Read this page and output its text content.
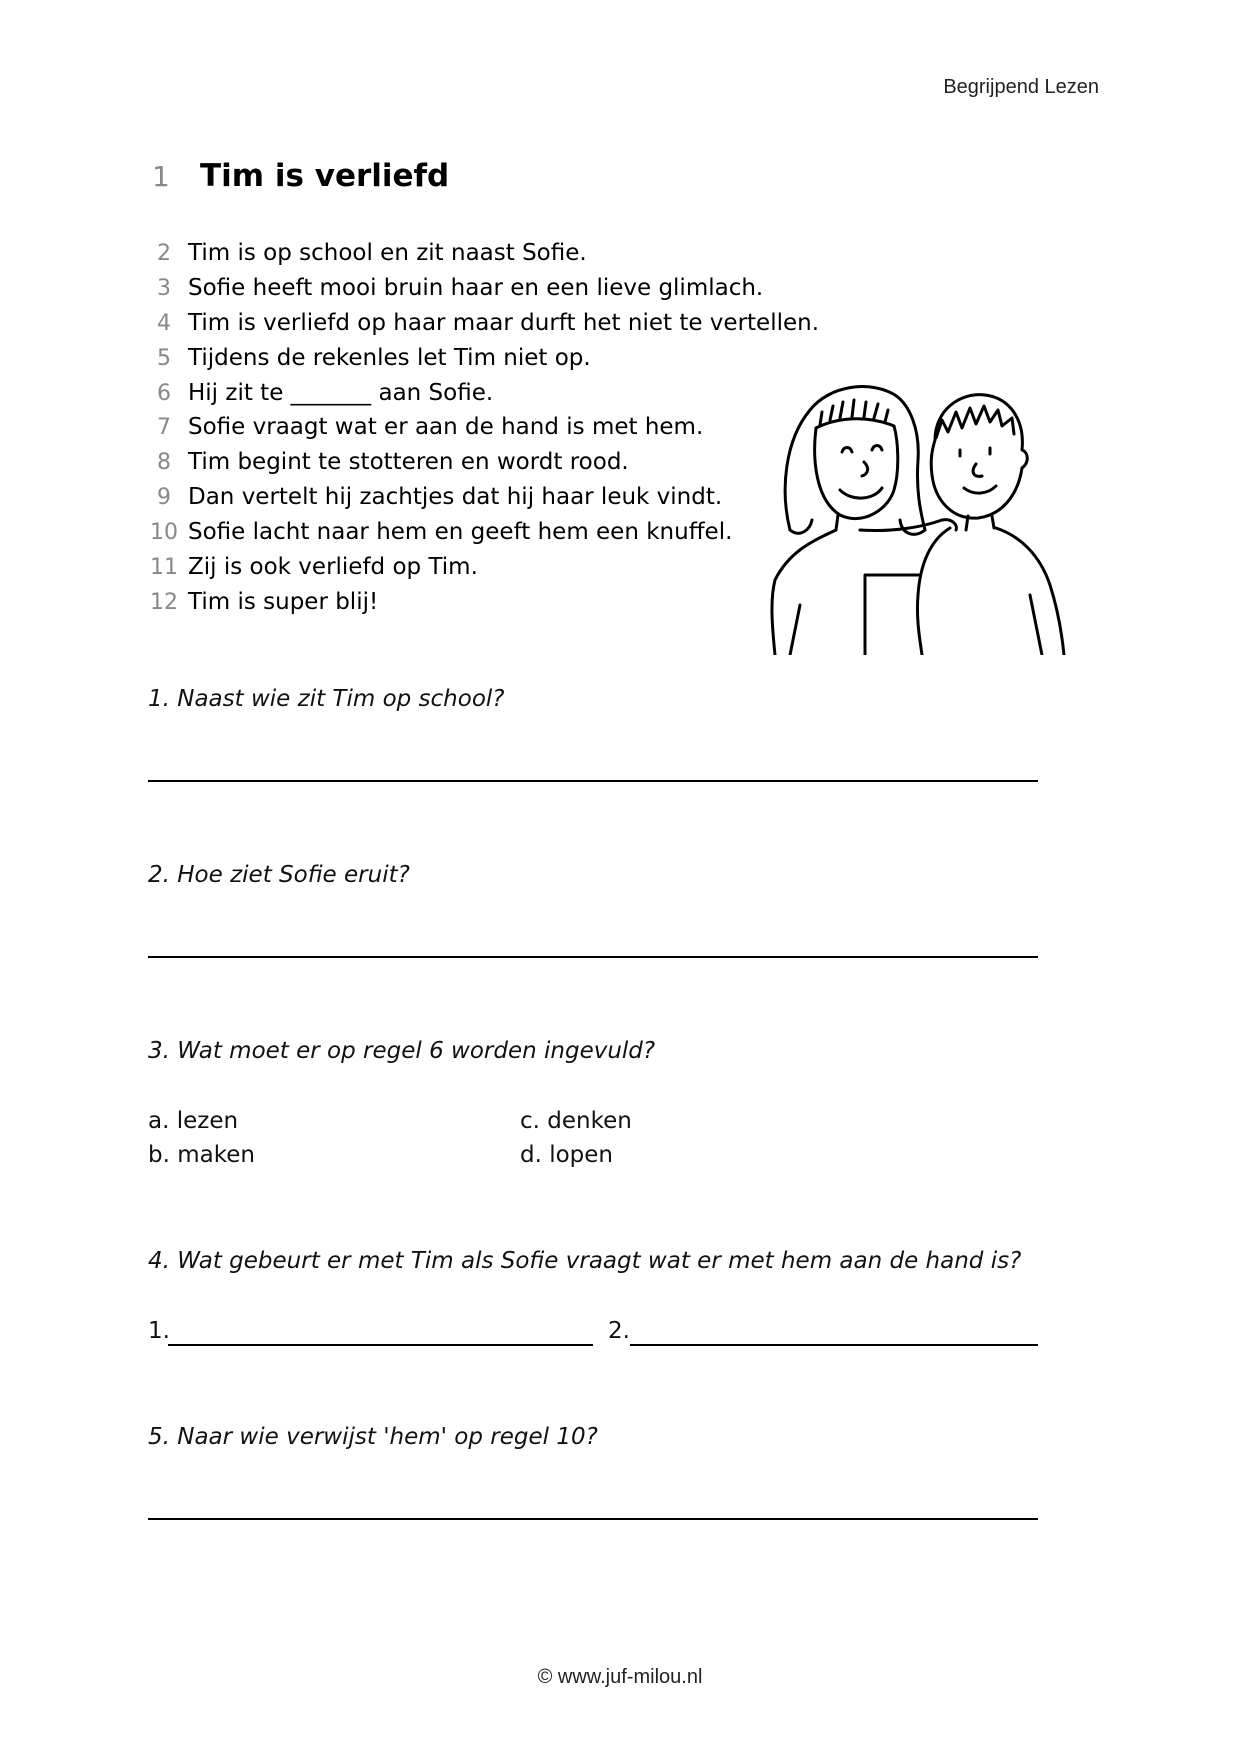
Begrijpend Lezen
1 Tim is verliefd
2 Tim is op school en zit naast Sofie.
3 Sofie heeft mooi bruin haar en een lieve glimlach.
4 Tim is verliefd op haar maar durft het niet te vertellen.
5 Tijdens de rekenles let Tim niet op.
6 Hij zit te _______ aan Sofie.
7 Sofie vraagt wat er aan de hand is met hem.
8 Tim begint te stotteren en wordt rood.
9 Dan vertelt hij zachtjes dat hij haar leuk vindt.
10 Sofie lacht naar hem en geeft hem een knuffel.
11 Zij is ook verliefd op Tim.
12 Tim is super blij!
1. Naast wie zit Tim op school?
2. Hoe ziet Sofie eruit?
3. Wat moet er op regel 6 worden ingevuld?
a. lezen
b. maken
c. denken
d. lopen
4. Wat gebeurt er met Tim als Sofie vraagt wat er met hem aan de hand is?
1.	2.
5. Naar wie verwijst 'hem' op regel 10?
© www.juf-milou.nl
